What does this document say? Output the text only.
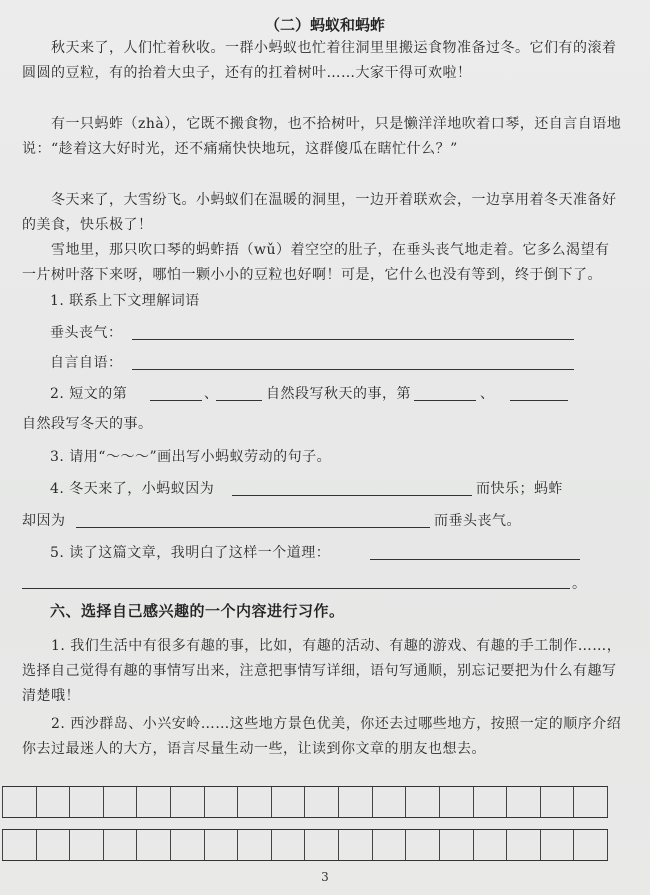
（二）蚂蚁和蚂蚱
　　秋天来了，人们忙着秋收。一群小蚂蚁也忙着往洞里里搬运食物准备过冬。它们有的滚着圆圆的豆粒，有的抬着大虫子，还有的扛着树叶……大家干得可欢啦！
　　有一只蚂蚱（zhà），它既不搬食物，也不拾树叶，只是懒洋洋地吹着口琴，还自言自语地说：“趁着这大好时光，还不痛痛快快地玩，这群傻瓜在瞎忙什么？”
　　冬天来了，大雪纷飞。小蚂蚁们在温暖的洞里，一边开着联欢会，一边享用着冬天准备好的美食，快乐极了！
　　雪地里，那只吹口琴的蚂蚱捂（wǔ）着空空的肚子，在垂头丧气地走着。它多么渴望有一片树叶落下来呀，哪怕一颗小小的豆粒也好啊！可是，它什么也没有等到，终于倒下了。
1. 联系上下文理解词语
垂头丧气：
自言自语：
2. 短文的第	、	自然段写秋天的事，第	、
自然段写冬天的事。
3. 请用“～～～”画出写小蚂蚁劳动的句子。
4. 冬天来了，小蚂蚁因为	而快乐；蚂蚱
却因为	而垂头丧气。
5. 读了这篇文章，我明白了这样一个道理：
。
六、选择自己感兴趣的一个内容进行习作。
　　1. 我们生活中有很多有趣的事，比如，有趣的活动、有趣的游戏、有趣的手工制作……，选择自己觉得有趣的事情写出来，注意把事情写详细，语句写通顺，别忘记要把为什么有趣写清楚哦！
　　2. 西沙群岛、小兴安岭……这些地方景色优美，你还去过哪些地方，按照一定的顺序介绍你去过最迷人的大方，语言尽量生动一些，让读到你文章的朋友也想去。
3
